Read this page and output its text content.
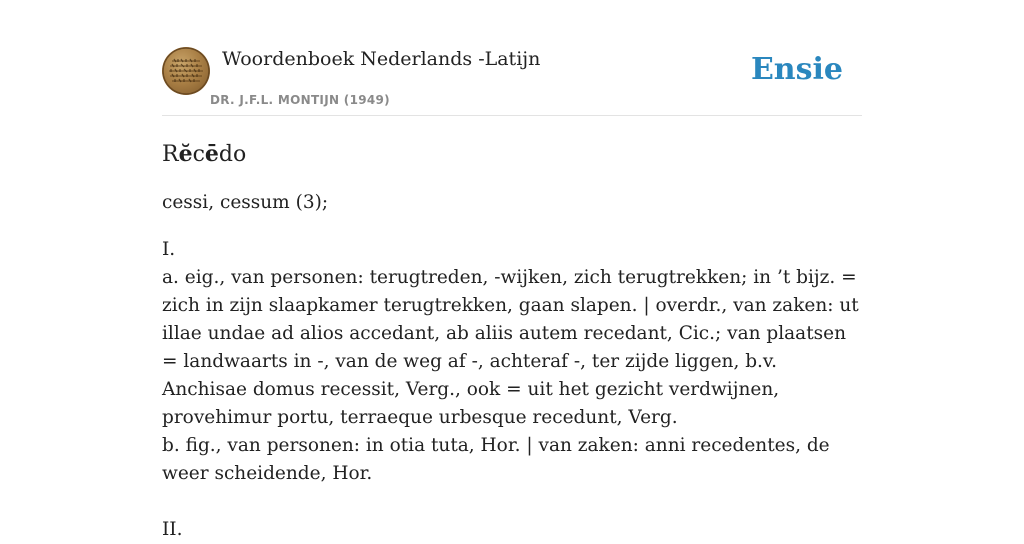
Woordenboek Nederlands -Latijn
DR. J.F.L. MONTIJN (1949)
Ensie
Rĕcēdo

cessi, cessum (3);

I.

a. eig., van personen: terugtreden, -wijken, zich terugtrekken; in ’t bijz. = zich in zijn slaapkamer terugtrekken, gaan slapen. | overdr., van zaken: ut illae undae ad alios accedant, ab aliis autem recedant, Cic.; van plaatsen = landwaarts in -, van de weg af -, achteraf -, ter zijde liggen, b.v. Anchisae domus recessit, Verg., ook = uit het gezicht verdwijnen, provehimur portu, terraeque urbesque recedunt, Verg.

b. fig., van personen: in otia tuta, Hor. | van zaken: anni recedentes, de weer scheidende, Hor.

II.
